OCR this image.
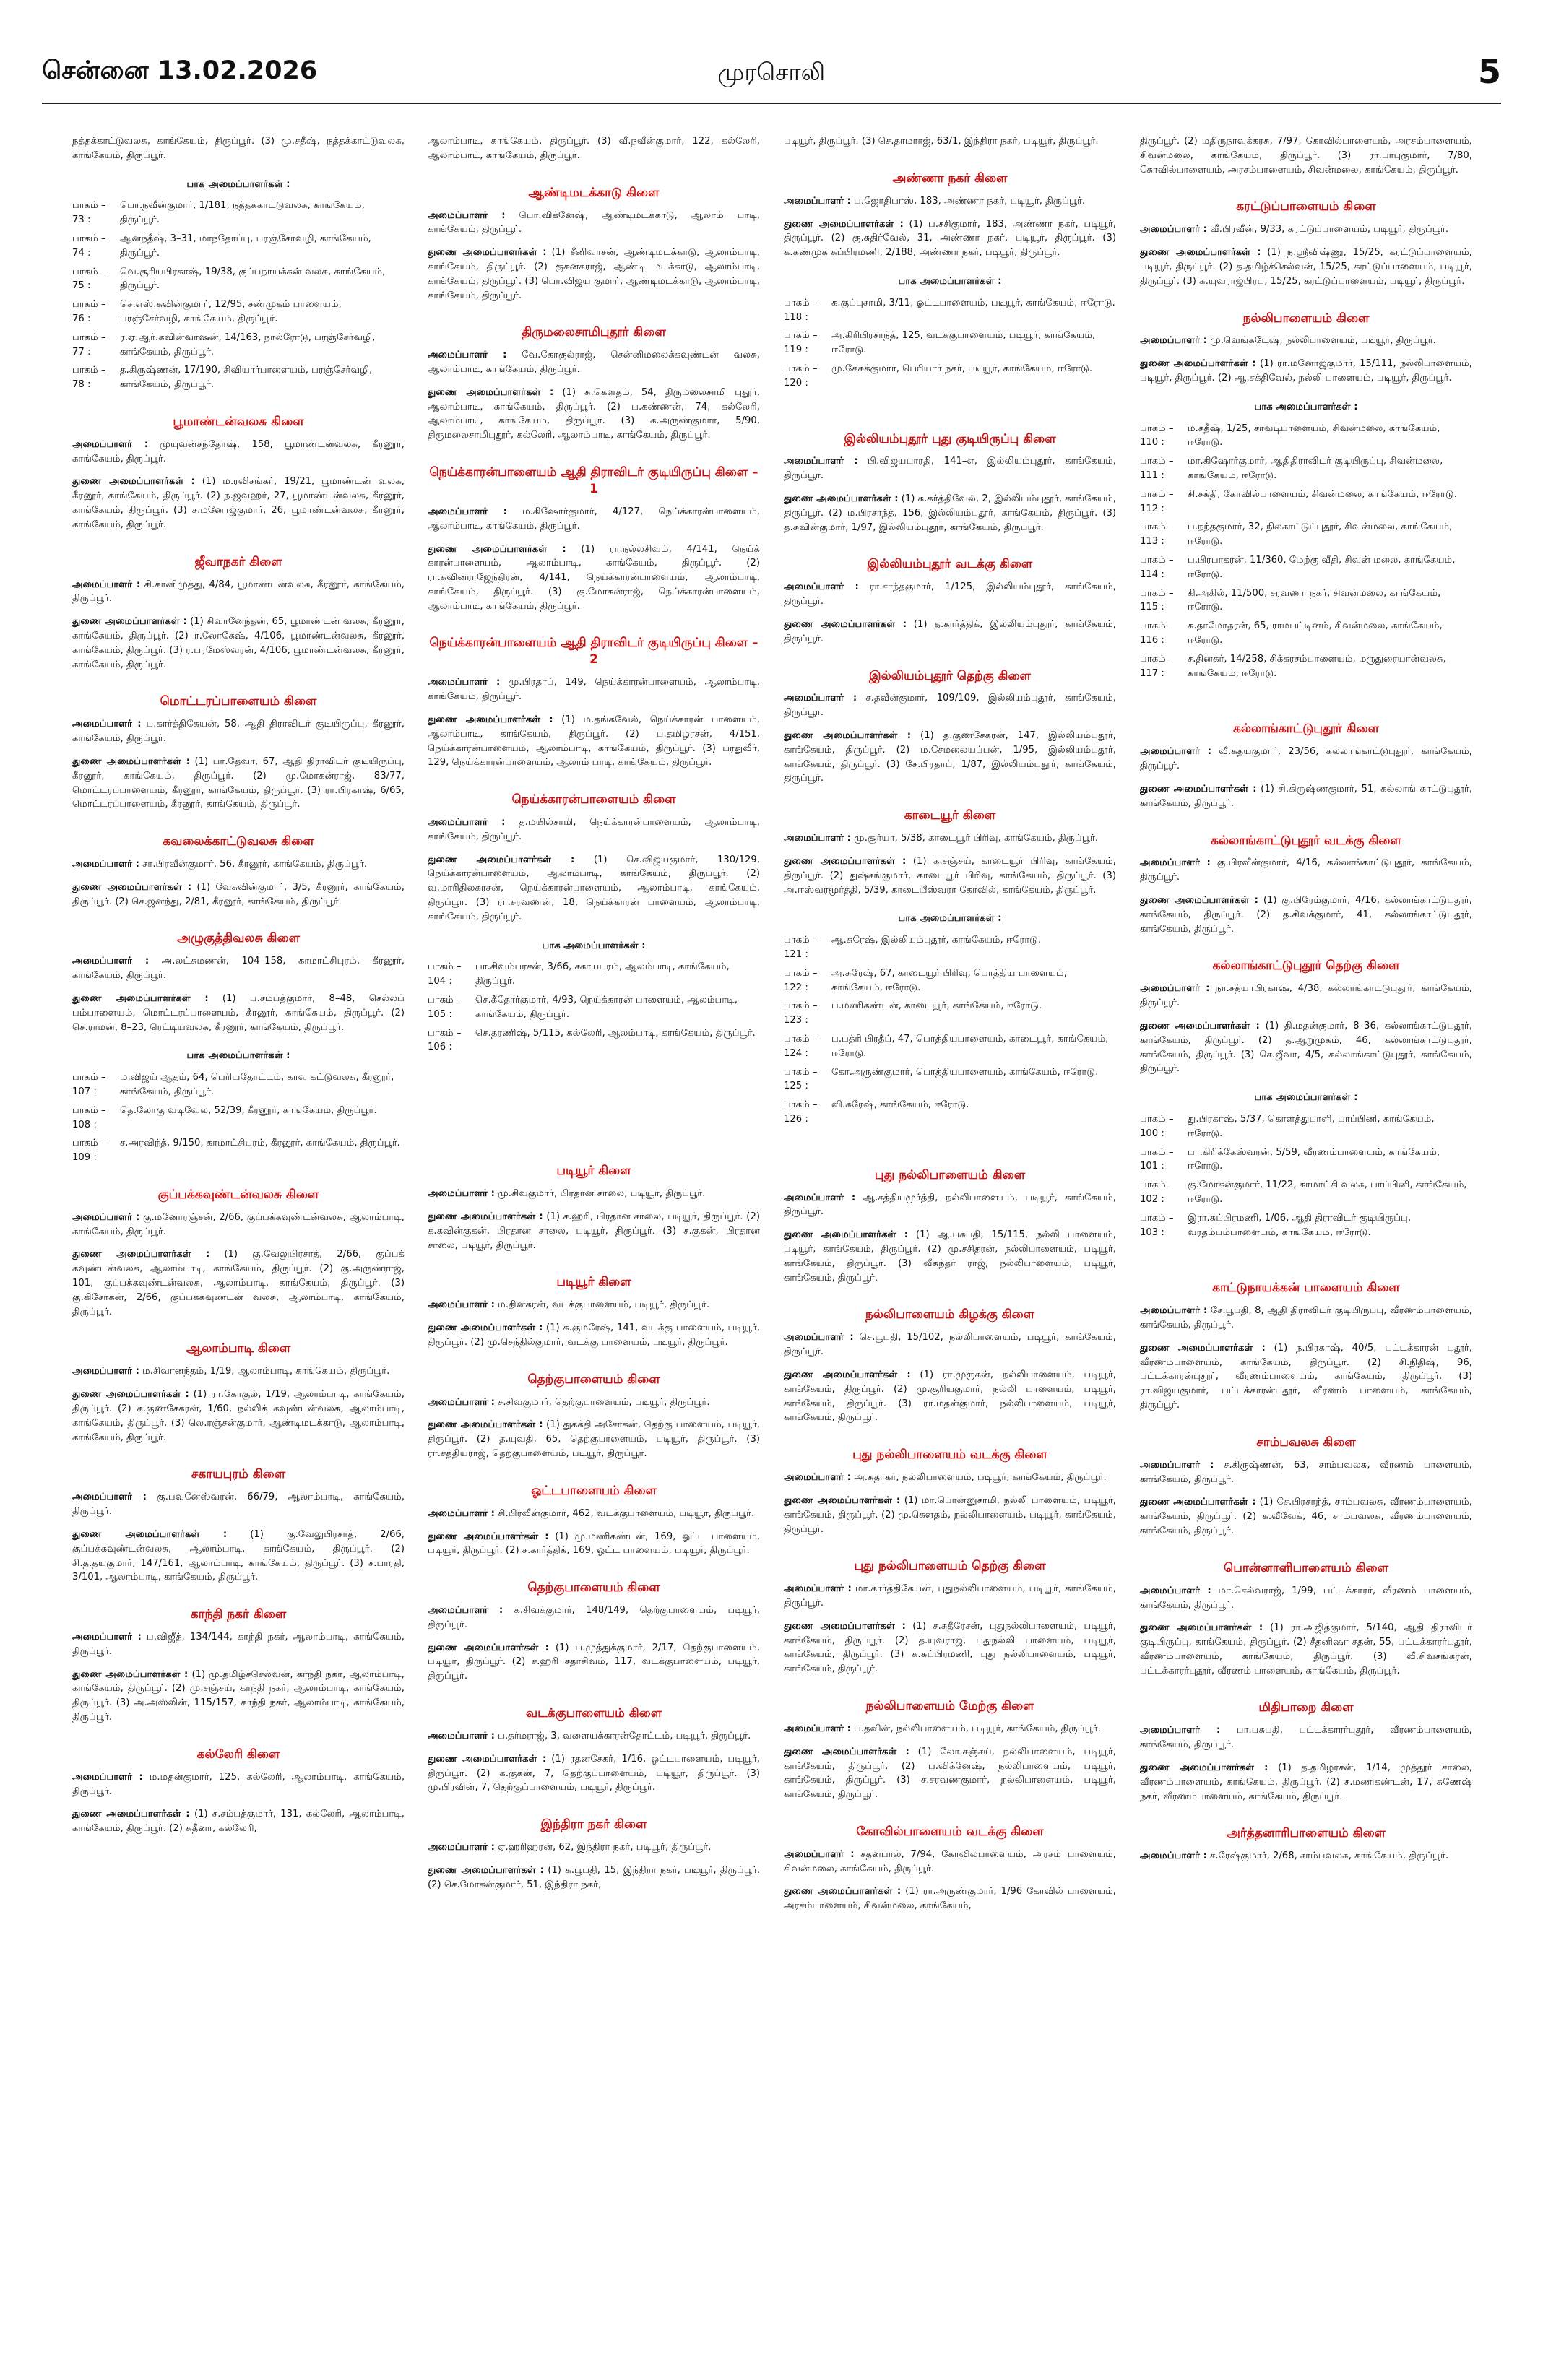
சென்னை 13.02.2026	முரசொலி	5

நத்தக்காட்டுவலசு, காங்கேயம், திருப்பூர். (3) மு.சதீஷ், நத்தக்காட்டுவலசு, காங்கேயம், திருப்பூர்.

பாக அமைப்பாளர்கள் :
பாகம் – 73 :
பொ.நவீன்குமார், 1/181, நத்தக்காட்டுவலசு, காங்கேயம், திருப்பூர்.
பாகம் – 74 :
ஆனந்தீஷ், 3–31, மாந்தோப்பு, பரஞ்சேர்வழி, காங்கேயம், திருப்பூர்.
பாகம் – 75 :
வெ.சூரியபிரகாஷ், 19/38, குப்பநாயக்கன் வலசு, காங்கேயம், திருப்பூர்.
பாகம் – 76 :
செ.எஸ்.சுவின்குமார், 12/95, சண்முகம் பாளையம், பரஞ்சேர்வழி, காங்கேயம், திருப்பூர்.
பாகம் – 77 :
ர.ஏ.ஆர்.கவின்வர்ஷன், 14/163, நால்ரோடு, பரஞ்சேர்வழி, காங்கேயம், திருப்பூர்.
பாகம் – 78 :
த.கிருஷ்ணன், 17/190, சிவியார்பாளையம், பரஞ்சேர்வழி, காங்கேயம், திருப்பூர்.
பூமாண்டன்வலசு கிளை

அமைப்பாளர் : முயுவன்சந்தோஷ், 158, பூமாண்டன்வலசு, கீரனூர், காங்கேயம், திருப்பூர்.

துணை அமைப்பாளர்கள் : (1) ம.ரவிசங்கர், 19/21, பூமாண்டன் வலசு, கீரனூர், காங்கேயம், திருப்பூர். (2) ந.ஜவஹர், 27, பூமாண்டன்வலசு, கீரனூர், காங்கேயம், திருப்பூர். (3) ச.மனோஜ்குமார், 26, பூமாண்டன்வலசு, கீரனூர், காங்கேயம், திருப்பூர்.

ஜீவாநகர் கிளை

அமைப்பாளர் : சி.கானிமுத்து, 4/84, பூமாண்டன்வலசு, கீரனூர், காங்கேயம், திருப்பூர்.

துணை அமைப்பாளர்கள் : (1) சிவானேந்தன், 65, பூமாண்டன் வலசு, கீரனூர், காங்கேயம், திருப்பூர். (2) ர.லோகேஷ், 4/106, பூமாண்டன்வலசு, கீரனூர், காங்கேயம், திருப்பூர். (3) ர.பரமேஸ்வரன், 4/106, பூமாண்டன்வலசு, கீரனூர், காங்கேயம், திருப்பூர்.

மொட்டரப்பாளையம் கிளை

அமைப்பாளர் : ப.கார்த்திகேயன், 58, ஆதி திராவிடர் குடியிருப்பு, கீரனூர், காங்கேயம், திருப்பூர்.

துணை அமைப்பாளர்கள் : (1) பா.தேவா, 67, ஆதி திராவிடர் குடியிருப்பு, கீரனூர், காங்கேயம், திருப்பூர். (2) மு.மோகன்ராஜ், 83/77, மொட்டரப்பாளையம், கீரனூர், காங்கேயம், திருப்பூர். (3) ரா.பிரகாஷ், 6/65, மொட்டரப்பாளையம், கீரனூர், காங்கேயம், திருப்பூர்.

கவலைக்காட்டுவலசு கிளை

அமைப்பாளர் : சா.பிரவீன்குமார், 56, கீரனூர், காங்கேயம், திருப்பூர்.

துணை அமைப்பாளர்கள் : (1) வேசுவின்குமார், 3/5, கீரனூர், காங்கேயம், திருப்பூர். (2) செ.ஜனந்து, 2/81, கீரனூர், காங்கேயம், திருப்பூர்.

அழுகுத்திவலசு கிளை

அமைப்பாளர் : அ.லட்சுமணன், 104–158, காமாட்சிபுரம், கீரனூர், காங்கேயம், திருப்பூர்.

துணை அமைப்பாளர்கள் : (1) ப.சம்பத்குமார், 8–48, செல்லப் பம்பாளையம், மொட்டரப்பாளையம், கீரனூர், காங்கேயம், திருப்பூர். (2) செ.ராமன், 8–23, ரெட்டியவலசு, கீரனூர், காங்கேயம், திருப்பூர்.

பாக அமைப்பாளர்கள் :
பாகம் – 107 :
ம.விஜய் ஆதம், 64, பெரியதோட்டம், காவ கட்டுவலசு, கீரனூர், காங்கேயம், திருப்பூர்.
பாகம் – 108 :
தெ.லோகு வடிவேல், 52/39, கீரனூர், காங்கேயம், திருப்பூர்.
பாகம் – 109 :
ச.அரவிந்த், 9/150, காமாட்சிபுரம், கீரனூர், காங்கேயம், திருப்பூர்.
குப்பக்கவுண்டன்வலசு கிளை

அமைப்பாளர் : கு.மனோரஞ்சன், 2/66, குப்பக்கவுண்டன்வலசு, ஆலாம்பாடி, காங்கேயம், திருப்பூர்.

துணை அமைப்பாளர்கள் : (1) கு.வேலுபிரசாத், 2/66, குப்பக் கவுண்டன்வலசு, ஆலாம்பாடி, காங்கேயம், திருப்பூர். (2) கு.அருண்ராஜ், 101, குப்பக்கவுண்டன்வலசு, ஆலாம்பாடி, காங்கேயம், திருப்பூர். (3) கு.கிசோகன், 2/66, குப்பக்கவுண்டன் வலசு, ஆலாம்பாடி, காங்கேயம், திருப்பூர்.

ஆலாம்பாடி கிளை

அமைப்பாளர் : ம.சிவானந்தம், 1/19, ஆலாம்பாடி, காங்கேயம், திருப்பூர்.

துணை அமைப்பாளர்கள் : (1) ரா.கோகுல், 1/19, ஆலாம்பாடி, காங்கேயம், திருப்பூர். (2) க.குணசேகரன், 1/60, நல்லிக் கவுண்டன்வலசு, ஆலாம்பாடி, காங்கேயம், திருப்பூர். (3) லெ.ரஞ்சன்குமார், ஆண்டிமடக்காடு, ஆலாம்பாடி, காங்கேயம், திருப்பூர்.

சகாயபுரம் கிளை

அமைப்பாளர் : கு.பவனேஸ்வரன், 66/79, ஆலாம்பாடி, காங்கேயம், திருப்பூர்.

துணை அமைப்பாளர்கள் : (1) கு.வேலுபிரசாத், 2/66, குப்பக்கவுண்டன்வலசு, ஆலாம்பாடி, காங்கேயம், திருப்பூர். (2) சி.த.தயகுமார், 147/161, ஆலாம்பாடி, காங்கேயம், திருப்பூர். (3) ச.பாரதி, 3/101, ஆலாம்பாடி, காங்கேயம், திருப்பூர்.

காந்தி நகர் கிளை

அமைப்பாளர் : ப.விஜீத், 134/144, காந்தி நகர், ஆலாம்பாடி, காங்கேயம், திருப்பூர்.

துணை அமைப்பாளர்கள் : (1) மு.தமிழ்ச்செல்வன், காந்தி நகர், ஆலாம்பாடி, காங்கேயம், திருப்பூர். (2) மு.சஞ்சய், காந்தி நகர், ஆலாம்பாடி, காங்கேயம், திருப்பூர். (3) அ.அஸ்லின், 115/157, காந்தி நகர், ஆலாம்பாடி, காங்கேயம், திருப்பூர்.

கல்லேரி கிளை

அமைப்பாளர் : ம.மதன்குமார், 125, கல்லேரி, ஆலாம்பாடி, காங்கேயம், திருப்பூர்.

துணை அமைப்பாளர்கள் : (1) ச.சம்பத்குமார், 131, கல்லேரி, ஆலாம்பாடி, காங்கேயம், திருப்பூர். (2) சுதீனா, கல்லேரி,

ஆலாம்பாடி, காங்கேயம், திருப்பூர். (3) வீ.நவீன்குமார், 122, கல்லேரி, ஆலாம்பாடி, காங்கேயம், திருப்பூர்.

ஆண்டிமடக்காடு கிளை

அமைப்பாளர் : பொ.விக்னேஷ், ஆண்டிமடக்காடு, ஆலாம் பாடி, காங்கேயம், திருப்பூர்.

துணை அமைப்பாளர்கள் : (1) சீனிவாசன், ஆண்டிமடக்காடு, ஆலாம்பாடி, காங்கேயம், திருப்பூர். (2) குகனகராஜ், ஆண்டி மடக்காடு, ஆலாம்பாடி, காங்கேயம், திருப்பூர். (3) பொ.விஜய குமார், ஆண்டிமடக்காடு, ஆலாம்பாடி, காங்கேயம், திருப்பூர்.

திருமலைசாமிபுதூர் கிளை

அமைப்பாளர் : வே.கோகுல்ராஜ், சென்னிமலைக்கவுண்டன் வலசு, ஆலாம்பாடி, காங்கேயம், திருப்பூர்.

துணை அமைப்பாளர்கள் : (1) சு.கௌதம், 54, திருமலைசாமி புதூர், ஆலாம்பாடி, காங்கேயம், திருப்பூர். (2) ப.கண்ணன், 74, கல்லேரி, ஆலாம்பாடி, காங்கேயம், திருப்பூர். (3) க.அருண்குமார், 5/90, திருமலைசாமிபுதூர், கல்லேரி, ஆலாம்பாடி, காங்கேயம், திருப்பூர்.

நெய்க்காரன்பாளையம் ஆதி திராவிடர் குடியிருப்பு கிளை – 1

அமைப்பாளர் : ம.கிஷோர்குமார், 4/127, நெய்க்காரன்பாளையம், ஆலாம்பாடி, காங்கேயம், திருப்பூர்.

துணை அமைப்பாளர்கள் : (1) ரா.நல்லசிவம், 4/141, நெய்க் காரன்பாளையம், ஆலாம்பாடி, காங்கேயம், திருப்பூர். (2) ரா.சுவின்ராஜேந்திரன், 4/141, நெய்க்காரன்பாளையம், ஆலாம்பாடி, காங்கேயம், திருப்பூர். (3) கு.மோகன்ராஜ், நெய்க்காரன்பாளையம், ஆலாம்பாடி, காங்கேயம், திருப்பூர்.

நெய்க்காரன்பாளையம் ஆதி திராவிடர் குடியிருப்பு கிளை – 2

அமைப்பாளர் : மு.பிரதாப், 149, நெய்க்காரன்பாளையம், ஆலாம்பாடி, காங்கேயம், திருப்பூர்.

துணை அமைப்பாளர்கள் : (1) ம.தங்கவேல், நெய்க்காரன் பாளையம், ஆலாம்பாடி, காங்கேயம், திருப்பூர். (2) ப.தமிழரசன், 4/151, நெய்க்காரன்பாளையம், ஆலாம்பாடி, காங்கேயம், திருப்பூர். (3) பரதுவீர், 129, நெய்க்காரன்பாளையம், ஆலாம் பாடி, காங்கேயம், திருப்பூர்.

நெய்க்காரன்பாளையம் கிளை

அமைப்பாளர் : த.மயில்சாமி, நெய்க்காரன்பாளையம், ஆலாம்பாடி, காங்கேயம், திருப்பூர்.

துணை அமைப்பாளர்கள் : (1) செ.விஜயகுமார், 130/129, நெய்க்காரன்பாளையம், ஆலாம்பாடி, காங்கேயம், திருப்பூர். (2) வ.மாரிதிலகரசன், நெய்க்காரன்பாளையம், ஆலாம்பாடி, காங்கேயம், திருப்பூர். (3) ரா.சரவணன், 18, நெய்க்காரன் பாளையம், ஆலாம்பாடி, காங்கேயம், திருப்பூர்.

பாக அமைப்பாளர்கள் :
பாகம் – 104 :
பா.சிவம்பரசன், 3/66, சகாயபுரம், ஆலம்பாடி, காங்கேயம், திருப்பூர்.
பாகம் – 105 :
செ.கீதோர்குமார், 4/93, நெய்க்காரன் பாளையம், ஆலம்பாடி, காங்கேயம், திருப்பூர்.
பாகம் – 106 :
செ.தரணிஷ், 5/115, கல்லேரி, ஆலம்பாடி, காங்கேயம், திருப்பூர்.
படியூர் கிளை

அமைப்பாளர் : மு.சிவகுமார், பிரதான சாலை, படியூர், திருப்பூர்.

துணை அமைப்பாளர்கள் : (1) ச.ஹரி, பிரதான சாலை, படியூர், திருப்பூர். (2) க.கவின்குகன், பிரதான சாலை, படியூர், திருப்பூர். (3) ச.குகன், பிரதான சாலை, படியூர், திருப்பூர்.

படியூர் கிளை

அமைப்பாளர் : ம.தினகரன், வடக்குபாளையம், படியூர், திருப்பூர்.

துணை அமைப்பாளர்கள் : (1) க.குமரேஷ், 141, வடக்கு பாளையம், படியூர், திருப்பூர். (2) மு.செந்தில்குமார், வடக்கு பாளையம், படியூர், திருப்பூர்.

தெற்குபாளையம் கிளை

அமைப்பாளர் : ச.சிவகுமார், தெற்குபாளையம், படியூர், திருப்பூர்.

துணை அமைப்பாளர்கள் : (1) துகக்தி அசோகன், தெற்கு பாளையம், படியூர், திருப்பூர். (2) த.யுவதி, 65, தெற்குபாளையம், படியூர், திருப்பூர். (3) ரா.சத்தியராஜ், தெற்குபாளையம், படியூர், திருப்பூர்.

ஓட்டபாளையம் கிளை

அமைப்பாளர் : சி.பிரவீன்குமார், 462, வடக்குபாளையம், படியூர், திருப்பூர்.

துணை அமைப்பாளர்கள் : (1) மு.மணிகண்டன், 169, ஓட்ட பாளையம், படியூர், திருப்பூர். (2) ச.கார்த்திக், 169, ஓட்ட பாளையம், படியூர், திருப்பூர்.

தெற்குபாளையம் கிளை

அமைப்பாளர் : க.சிவக்குமார், 148/149, தெற்குபாளையம், படியூர், திருப்பூர்.

துணை அமைப்பாளர்கள் : (1) ப.முத்துக்குமார், 2/17, தெற்குபாளையம், படியூர், திருப்பூர். (2) ச.ஹரி சதாசிவம், 117, வடக்குபாளையம், படியூர், திருப்பூர்.

வடக்குபாளையம் கிளை

அமைப்பாளர் : ப.தர்மராஜ், 3, வளையக்காரன்தோட்டம், படியூர், திருப்பூர்.

துணை அமைப்பாளர்கள் : (1) ரதனசேகர், 1/16, ஓட்டபாளையம், படியூர், திருப்பூர். (2) க.குகன், 7, தெற்குப்பாளையம், படியூர், திருப்பூர். (3) மு.பிரவின், 7, தெற்குப்பாளையம், படியூர், திருப்பூர்.

இந்திரா நகர் கிளை

அமைப்பாளர் : ஏ.ஹரிஹரன், 62, இந்திரா நகர், படியூர், திருப்பூர்.

துணை அமைப்பாளர்கள் : (1) சு.பூபதி, 15, இந்திரா நகர், படியூர், திருப்பூர். (2) செ.மோகன்குமார், 51, இந்திரா நகர்,

படியூர், திருப்பூர். (3) செ.தாமராஜ், 63/1, இந்திரா நகர், படியூர், திருப்பூர்.

அண்ணா நகர் கிளை

அமைப்பாளர் : ப.ஜோதிபாஸ், 183, அண்ணா நகர், படியூர், திருப்பூர்.

துணை அமைப்பாளர்கள் : (1) ப.சசிகுமார், 183, அண்ணா நகர், படியூர், திருப்பூர். (2) கு.சுதிர்வேல், 31, அண்ணா நகர், படியூர், திருப்பூர். (3) க.கண்முக சுப்பிரமணி, 2/188, அண்ணா நகர், படியூர், திருப்பூர்.

பாக அமைப்பாளர்கள் :
பாகம் – 118 :
க.குப்புசாமி, 3/11, ஓட்டபாளையம், படியூர், காங்கேயம், ஈரோடு.
பாகம் – 119 :
அ.கிரிபிரசாந்த், 125, வடக்குபாளையம், படியூர், காங்கேயம், ஈரோடு.
பாகம் – 120 :
மு.கேசுக்குமார், பெரியார் நகர், படியூர், காங்கேயம், ஈரோடு.
இல்லியம்புதூர் புது குடியிருப்பு கிளை

அமைப்பாளர் : பி.விஜயபாரதி, 141–எ, இல்லியம்புதூர், காங்கேயம், திருப்பூர்.

துணை அமைப்பாளர்கள் : (1) க.கர்த்திவேல், 2, இல்லியம்புதூர், காங்கேயம், திருப்பூர். (2) ம.பிரசாந்த், 156, இல்லியம்புதூர், காங்கேயம், திருப்பூர். (3) த.சுவின்குமார், 1/97, இல்லியம்புதூர், காங்கேயம், திருப்பூர்.

இல்லியம்புதூர் வடக்கு கிளை

அமைப்பாளர் : ரா.சாந்தகுமார், 1/125, இல்லியம்புதூர், காங்கேயம், திருப்பூர்.

துணை அமைப்பாளர்கள் : (1) த.கார்த்திக், இல்லியம்புதூர், காங்கேயம், திருப்பூர்.

இல்லியம்புதூர் தெற்கு கிளை

அமைப்பாளர் : ச.தவீன்குமார், 109/109, இல்லியம்புதூர், காங்கேயம், திருப்பூர்.

துணை அமைப்பாளர்கள் : (1) த.குணசேகரன், 147, இல்லியம்புதூர், காங்கேயம், திருப்பூர். (2) ம.சேமலையப்பன், 1/95, இல்லியம்புதூர், காங்கேயம், திருப்பூர். (3) சே.பிரதாப், 1/87, இல்லியம்புதூர், காங்கேயம், திருப்பூர்.

காடையூர் கிளை

அமைப்பாளர் : மு.சூர்யா, 5/38, காடையூர் பிரிவு, காங்கேயம், திருப்பூர்.

துணை அமைப்பாளர்கள் : (1) க.சஞ்சய், காடையூர் பிரிவு, காங்கேயம், திருப்பூர். (2) துஷ்சங்குமார், காடையூர் பிரிவு, காங்கேயம், திருப்பூர். (3) அ.ஈஸ்வரமூர்த்தி, 5/39, காடையீஸ்வரா கோவில், காங்கேயம், திருப்பூர்.

பாக அமைப்பாளர்கள் :
பாகம் – 121 :
ஆ.சுரேஷ், இல்லியம்புதூர், காங்கேயம், ஈரோடு.
பாகம் – 122 :
அ.சுரேஷ், 67, காடையூர் பிரிவு, பொத்திய பாளையம், காங்கேயம், ஈரோடு.
பாகம் – 123 :
ப.மணிகண்டன், காடையூர், காங்கேயம், ஈரோடு.
பாகம் – 124 :
ப.பத்ரி பிரதீப், 47, பொத்தியபாளையம், காடையூர், காங்கேயம், ஈரோடு.
பாகம் – 125 :
கோ.அருண்குமார், பொத்தியபாளையம், காங்கேயம், ஈரோடு.
பாகம் – 126 :
வி.சுரேஷ், காங்கேயம், ஈரோடு.
புது நல்லிபாளையம் கிளை

அமைப்பாளர் : ஆ.சத்தியமூர்த்தி, நல்லிபாளையம், படியூர், காங்கேயம், திருப்பூர்.

துணை அமைப்பாளர்கள் : (1) ஆ.பசுபதி, 15/115, நல்லி பாளையம், படியூர், காங்கேயம், திருப்பூர். (2) மு.சசிதரன், நல்லிபாளையம், படியூர், காங்கேயம், திருப்பூர். (3) வீசுந்தர் ராஜ், நல்லிபாளையம், படியூர், காங்கேயம், திருப்பூர்.

நல்லிபாளையம் கிழக்கு கிளை

அமைப்பாளர் : செ.பூபதி, 15/102, நல்லிபாளையம், படியூர், காங்கேயம், திருப்பூர்.

துணை அமைப்பாளர்கள் : (1) ரா.முருகன், நல்லிபாளையம், படியூர், காங்கேயம், திருப்பூர். (2) மு.சூரியகுமார், நல்லி பாளையம், படியூர், காங்கேயம், திருப்பூர். (3) ரா.மதன்குமார், நல்லிபாளையம், படியூர், காங்கேயம், திருப்பூர்.

புது நல்லிபாளையம் வடக்கு கிளை

அமைப்பாளர் : அ.சுதாகர், நல்லிபாளையம், படியூர், காங்கேயம், திருப்பூர்.

துணை அமைப்பாளர்கள் : (1) மா.பொன்னுசாமி, நல்லி பாளையம், படியூர், காங்கேயம், திருப்பூர். (2) மு.கௌதம், நல்லிபாளையம், படியூர், காங்கேயம், திருப்பூர்.

புது நல்லிபாளையம் தெற்கு கிளை

அமைப்பாளர் : மா.கார்த்திகேயன், புதுநல்லிபாளையம், படியூர், காங்கேயம், திருப்பூர்.

துணை அமைப்பாளர்கள் : (1) ச.சுதீரேசன், புதுநல்லிபாளையம், படியூர், காங்கேயம், திருப்பூர். (2) த.யுவராஜ், புதுநல்லி பாளையம், படியூர், காங்கேயம், திருப்பூர். (3) க.சுப்பிரமணி, புது நல்லிபாளையம், படியூர், காங்கேயம், திருப்பூர்.

நல்லிபாளையம் மேற்கு கிளை

அமைப்பாளர் : ப.தவின், நல்லிபாளையம், படியூர், காங்கேயம், திருப்பூர்.

துணை அமைப்பாளர்கள் : (1) லோ.சஞ்சய், நல்லிபாளையம், படியூர், காங்கேயம், திருப்பூர். (2) ப.விக்னேஷ், நல்லிபாளையம், படியூர், காங்கேயம், திருப்பூர். (3) ச.சரவணகுமார், நல்லிபாளையம், படியூர், காங்கேயம், திருப்பூர்.

கோவில்பாளையம் வடக்கு கிளை

அமைப்பாளர் : சதனபால், 7/94, கோவில்பாளையம், அரசம் பாளையம், சிவன்மலை, காங்கேயம், திருப்பூர்.

துணை அமைப்பாளர்கள் : (1) ரா.அருண்குமார், 1/96 கோவில் பாளையம், அரசம்பாளையம், சிவன்மலை, காங்கேயம்,

திருப்பூர். (2) மதிருநாவுக்கரசு, 7/97, கோவில்பாளையம், அரசம்பாளையம், சிவன்மலை, காங்கேயம், திருப்பூர். (3) ரா.பாபுகுமார், 7/80, கோவில்பாளையம், அரசம்பாளையம், சிவன்மலை, காங்கேயம், திருப்பூர்.

கரட்டுப்பாளையம் கிளை

அமைப்பாளர் : வீ.பிரவீன், 9/33, கரட்டுப்பாளையம், படியூர், திருப்பூர்.

துணை அமைப்பாளர்கள் : (1) ந.ஸ்ரீவிஷ்ணு, 15/25, கரட்டுப்பாளையம், படியூர், திருப்பூர். (2) த.தமிழ்ச்செல்வன், 15/25, கரட்டுப்பாளையம், படியூர், திருப்பூர். (3) சு.யுவராஜ்பிரபு, 15/25, கரட்டுப்பாளையம், படியூர், திருப்பூர்.

நல்லிபாளையம் கிளை

அமைப்பாளர் : மு.வெங்கடேஷ், நல்லிபாளையம், படியூர், திருப்பூர்.

துணை அமைப்பாளர்கள் : (1) ரா.மனோஜ்குமார், 15/111, நல்லிபாளையம், படியூர், திருப்பூர். (2) ஆ.சக்திவேல், நல்லி பாளையம், படியூர், திருப்பூர்.

பாக அமைப்பாளர்கள் :
பாகம் – 110 :
ம.சதீஷ், 1/25, சாவடிபாளையம், சிவன்மலை, காங்கேயம், ஈரோடு.
பாகம் – 111 :
மா.கிஷோர்குமார், ஆதிதிராவிடர் குடியிருப்பு, சிவன்மலை, காங்கேயம், ஈரோடு.
பாகம் – 112 :
சி.சக்தி, கோவில்பாளையம், சிவன்மலை, காங்கேயம், ஈரோடு.
பாகம் – 113 :
ப.நந்தகுமார், 32, நிலகாட்டுப்புதூர், சிவன்மலை, காங்கேயம், ஈரோடு.
பாகம் – 114 :
ப.பிரபாகரன், 11/360, மேற்கு வீதி, சிவன் மலை, காங்கேயம், ஈரோடு.
பாகம் – 115 :
கி.அகில், 11/500, சரவணா நகர், சிவன்மலை, காங்கேயம், ஈரோடு.
பாகம் – 116 :
சு.தாமோதரன், 65, ராமபட்டினம், சிவன்மலை, காங்கேயம், ஈரோடு.
பாகம் – 117 :
ச.தினகர், 14/258, சிக்கரசம்பாளையம், மருதுரையான்வலசு, காங்கேயம், ஈரோடு.
கல்லாங்காட்டுபுதூர் கிளை

அமைப்பாளர் : வீ.சுதயகுமார், 23/56, கல்லாங்காட்டுபுதூர், காங்கேயம், திருப்பூர்.

துணை அமைப்பாளர்கள் : (1) சி.கிருஷ்ணகுமார், 51, கல்லாங் காட்டுபுதூர், காங்கேயம், திருப்பூர்.

கல்லாங்காட்டுபுதூர் வடக்கு கிளை

அமைப்பாளர் : கு.பிரவீன்குமார், 4/16, கல்லாங்காட்டுபுதூர், காங்கேயம், திருப்பூர்.

துணை அமைப்பாளர்கள் : (1) கு.பிரேம்குமார், 4/16, கல்லாங்காட்டுபுதூர், காங்கேயம், திருப்பூர். (2) த.சிவக்குமார், 41, கல்லாங்காட்டுபுதூர், காங்கேயம், திருப்பூர்.

கல்லாங்காட்டுபுதூர் தெற்கு கிளை

அமைப்பாளர் : நா.சத்யாபிரகாஷ், 4/38, கல்லாங்காட்டுபுதூர், காங்கேயம், திருப்பூர்.

துணை அமைப்பாளர்கள் : (1) தி.மதன்குமார், 8–36, கல்லாங்காட்டுபுதூர், காங்கேயம், திருப்பூர். (2) த.ஆறுமுகம், 46, கல்லாங்காட்டுபுதூர், காங்கேயம், திருப்பூர். (3) செ.ஜீவா, 4/5, கல்லாங்காட்டுபுதூர், காங்கேயம், திருப்பூர்.

பாக அமைப்பாளர்கள் :
பாகம் – 100 :
து.பிரகாஷ், 5/37, கொளத்துபாளி, பாப்பினி, காங்கேயம், ஈரோடு.
பாகம் – 101 :
பா.கிரிக்கேஸ்வரன், 5/59, வீரணம்பாளையம், காங்கேயம், ஈரோடு.
பாகம் – 102 :
கு.மோகன்குமார், 11/22, காமாட்சி வலசு, பாப்பினி, காங்கேயம், ஈரோடு.
பாகம் – 103 :
இரா.சுப்பிரமணி, 1/06, ஆதி திராவிடர் குடியிருப்பு, வரதம்பம்பாளையம், காங்கேயம், ஈரோடு.
காட்டுநாயக்கன் பாளையம் கிளை

அமைப்பாளர் : சே.பூபதி, 8, ஆதி திராவிடர் குடியிருப்பு, வீரணம்பாளையம், காங்கேயம், திருப்பூர்.

துணை அமைப்பாளர்கள் : (1) ந.பிரகாஷ், 40/5, பட்டக்காரன் புதூர், வீரணம்பாளையம், காங்கேயம், திருப்பூர். (2) சி.நிதிஷ், 96, பட்டக்காரன்புதூர், வீரணம்பாளையம், காங்கேயம், திருப்பூர். (3) ரா.விஜயகுமார், பட்டக்காரன்புதூர், வீரணம் பாளையம், காங்கேயம், திருப்பூர்.

சாம்பவலசு கிளை

அமைப்பாளர் : ச.கிருஷ்ணன், 63, சாம்பவலசு, வீரணம் பாளையம், காங்கேயம், திருப்பூர்.

துணை அமைப்பாளர்கள் : (1) சே.பிரசாந்த், சாம்பவலசு, வீரணம்பாளையம், காங்கேயம், திருப்பூர். (2) சு.வீவேக், 46, சாம்பவலசு, வீரணம்பாளையம், காங்கேயம், திருப்பூர்.

பொன்னாளிபாளையம் கிளை

அமைப்பாளர் : மா.செல்வராஜ், 1/99, பட்டக்காரர், வீரணம் பாளையம், காங்கேயம், திருப்பூர்.

துணை அமைப்பாளர்கள் : (1) ரா.அஜித்குமார், 5/140, ஆதி திராவிடர் குடியிருப்பு, காங்கேயம், திருப்பூர். (2) சீதனிஷா சதன், 55, பட்டக்காரர்புதூர், வீரணம்பாளையம், காங்கேயம், திருப்பூர். (3) வீ.சிவசங்கரன், பட்டக்காரர்புதூர், வீரணம் பாளையம், காங்கேயம், திருப்பூர்.

மிதிபாறை கிளை

அமைப்பாளர் : பா.பசுபதி, பட்டக்காரர்புதூர், வீரணம்பாளையம், காங்கேயம், திருப்பூர்.

துணை அமைப்பாளர்கள் : (1) த.தமிழரசன், 1/14, முத்தூர் சாலை, வீரணம்பாளையம், காங்கேயம், திருப்பூர். (2) ச.மணிகண்டன், 17, சுணேஷ் நகர், வீரணம்பாளையம், காங்கேயம், திருப்பூர்.

அர்த்தனாரிபாளையம் கிளை

அமைப்பாளர் : ச.ரேஷ்குமார், 2/68, சாம்பவலசு, காங்கேயம், திருப்பூர்.
